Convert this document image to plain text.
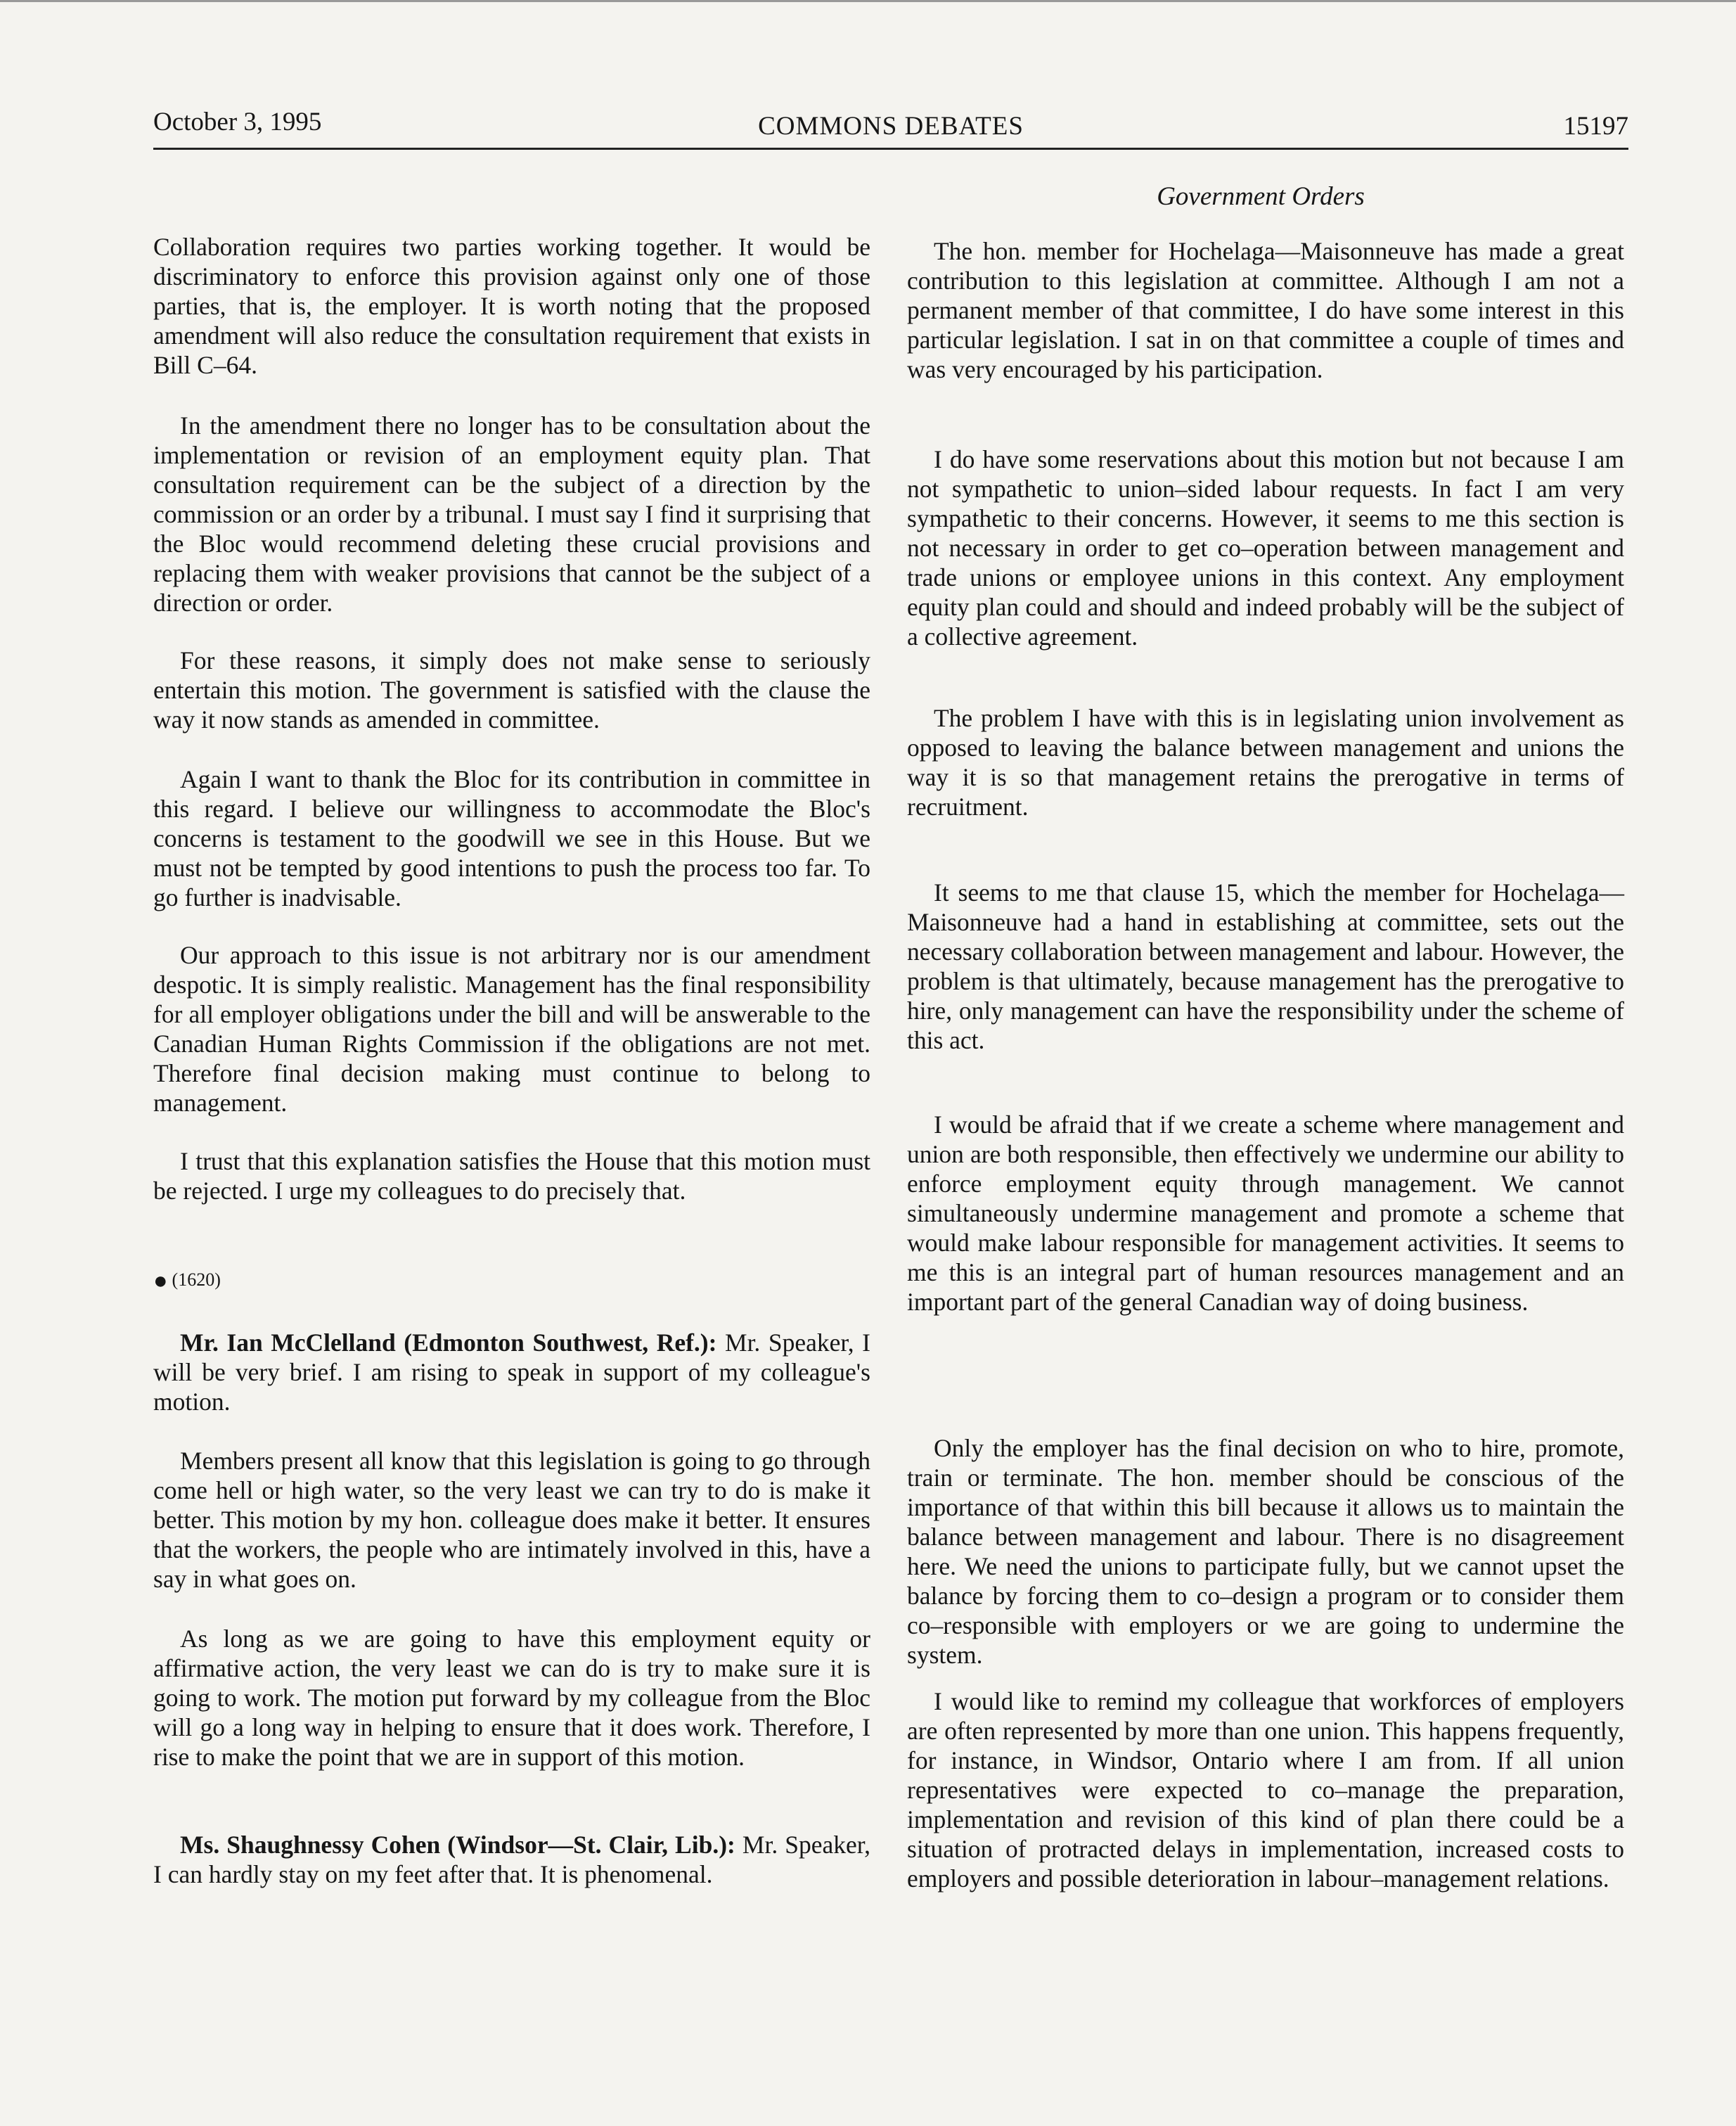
October 3, 1995	COMMONS DEBATES	15197
Government Orders

Collaboration requires two parties working together. It would be discriminatory to enforce this provision against only one of those parties, that is, the employer. It is worth noting that the proposed amendment will also reduce the consultation requirement that exists in Bill C–64.

In the amendment there no longer has to be consultation about the implementation or revision of an employment equity plan. That consultation requirement can be the subject of a direction by the commission or an order by a tribunal. I must say I find it surprising that the Bloc would recommend deleting these crucial provisions and replacing them with weaker provisions that cannot be the subject of a direction or order.

For these reasons, it simply does not make sense to seriously entertain this motion. The government is satisfied with the clause the way it now stands as amended in committee.

Again I want to thank the Bloc for its contribution in committee in this regard. I believe our willingness to accommodate the Bloc's concerns is testament to the goodwill we see in this House. But we must not be tempted by good intentions to push the process too far. To go further is inadvisable.

Our approach to this issue is not arbitrary nor is our amendment despotic. It is simply realistic. Management has the final responsibility for all employer obligations under the bill and will be answerable to the Canadian Human Rights Commission if the obligations are not met. Therefore final decision making must continue to belong to management.

I trust that this explanation satisfies the House that this motion must be rejected. I urge my colleagues to do precisely that.

Mr. Ian McClelland (Edmonton Southwest, Ref.): Mr. Speaker, I will be very brief. I am rising to speak in support of my colleague's motion.

Members present all know that this legislation is going to go through come hell or high water, so the very least we can try to do is make it better. This motion by my hon. colleague does make it better. It ensures that the workers, the people who are intimately involved in this, have a say in what goes on.

As long as we are going to have this employment equity or affirmative action, the very least we can do is try to make sure it is going to work. The motion put forward by my colleague from the Bloc will go a long way in helping to ensure that it does work. Therefore, I rise to make the point that we are in support of this motion.

Ms. Shaughnessy Cohen (Windsor—St. Clair, Lib.): Mr. Speaker, I can hardly stay on my feet after that. It is phenomenal.

● (1620)

The hon. member for Hochelaga—Maisonneuve has made a great contribution to this legislation at committee. Although I am not a permanent member of that committee, I do have some interest in this particular legislation. I sat in on that committee a couple of times and was very encouraged by his participation.

I do have some reservations about this motion but not because I am not sympathetic to union–sided labour requests. In fact I am very sympathetic to their concerns. However, it seems to me this section is not necessary in order to get co–operation between management and trade unions or employee unions in this context. Any employment equity plan could and should and indeed probably will be the subject of a collective agreement.

The problem I have with this is in legislating union involvement as opposed to leaving the balance between management and unions the way it is so that management retains the prerogative in terms of recruitment.

It seems to me that clause 15, which the member for Hochelaga—Maisonneuve had a hand in establishing at committee, sets out the necessary collaboration between management and labour. However, the problem is that ultimately, because management has the prerogative to hire, only management can have the responsibility under the scheme of this act.

I would be afraid that if we create a scheme where management and union are both responsible, then effectively we undermine our ability to enforce employment equity through management. We cannot simultaneously undermine management and promote a scheme that would make labour responsible for management activities. It seems to me this is an integral part of human resources management and an important part of the general Canadian way of doing business.

Only the employer has the final decision on who to hire, promote, train or terminate. The hon. member should be conscious of the importance of that within this bill because it allows us to maintain the balance between management and labour. There is no disagreement here. We need the unions to participate fully, but we cannot upset the balance by forcing them to co–design a program or to consider them co–responsible with employers or we are going to undermine the system.

I would like to remind my colleague that workforces of employers are often represented by more than one union. This happens frequently, for instance, in Windsor, Ontario where I am from. If all union representatives were expected to co–manage the preparation, implementation and revision of this kind of plan there could be a situation of protracted delays in implementation, increased costs to employers and possible deterioration in labour–management relations.
